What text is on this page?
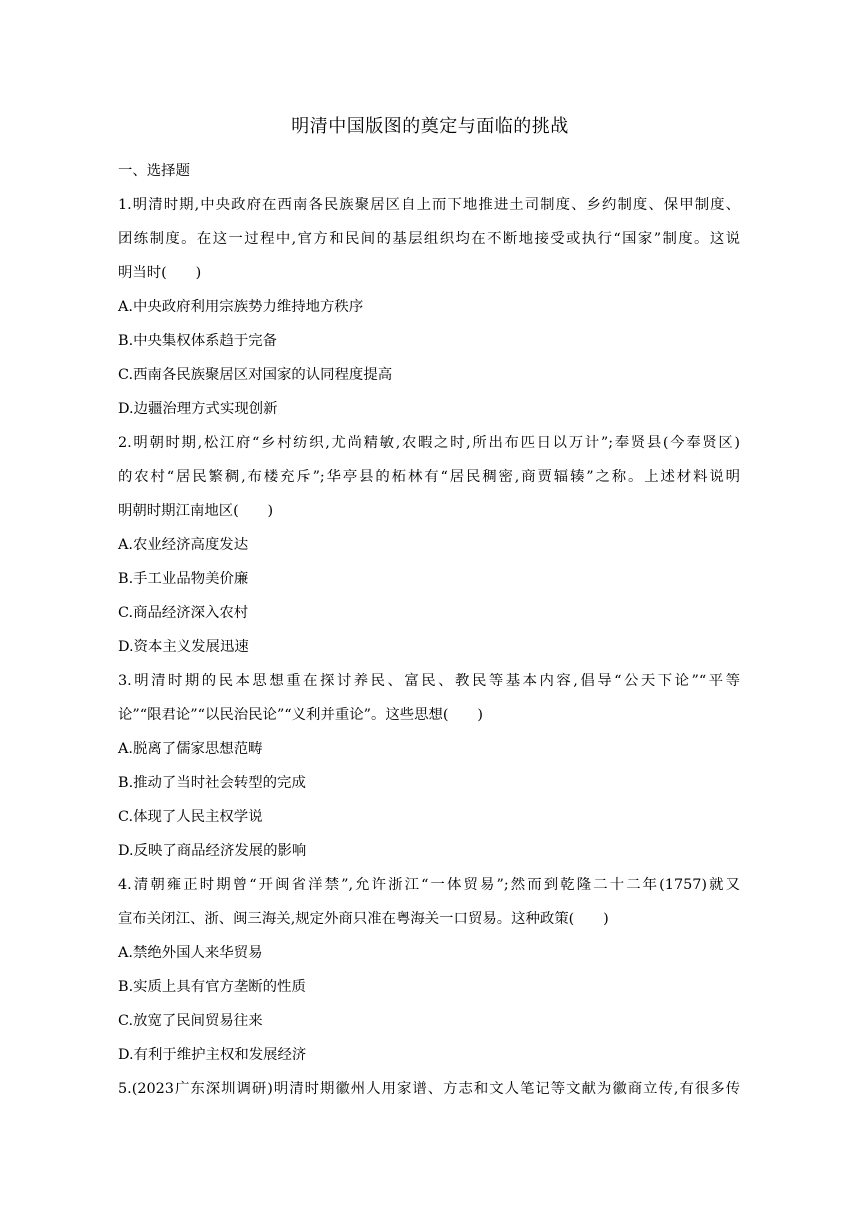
明清中国版图的奠定与面临的挑战
一、选择题
1.明清时期,中央政府在西南各民族聚居区自上而下地推进土司制度、乡约制度、保甲制度、
团练制度。在这一过程中,官方和民间的基层组织均在不断地接受或执行“国家”制度。这说
明当时(　　)
A.中央政府利用宗族势力维持地方秩序
B.中央集权体系趋于完备
C.西南各民族聚居区对国家的认同程度提高
D.边疆治理方式实现创新
2.明朝时期,松江府“乡村纺织,尤尚精敏,农暇之时,所出布匹日以万计”;奉贤县(今奉贤区)
的农村“居民繁稠,布楼充斥”;华亭县的柘林有“居民稠密,商贾辐辏”之称。上述材料说明
明朝时期江南地区(　　)
A.农业经济高度发达
B.手工业品物美价廉
C.商品经济深入农村
D.资本主义发展迅速
3.明清时期的民本思想重在探讨养民、富民、教民等基本内容,倡导“公天下论”“平等
论”“限君论”“以民治民论”“义利并重论”。这些思想(　　)
A.脱离了儒家思想范畴
B.推动了当时社会转型的完成
C.体现了人民主权学说
D.反映了商品经济发展的影响
4.清朝雍正时期曾“开闽省洋禁”,允许浙江“一体贸易”;然而到乾隆二十二年(1757)就又
宣布关闭江、浙、闽三海关,规定外商只准在粤海关一口贸易。这种政策(　　)
A.禁绝外国人来华贸易
B.实质上具有官方垄断的性质
C.放宽了民间贸易往来
D.有利于维护主权和发展经济
5.(2023广东深圳调研)明清时期徽州人用家谱、方志和文人笔记等文献为徽商立传,有很多传
